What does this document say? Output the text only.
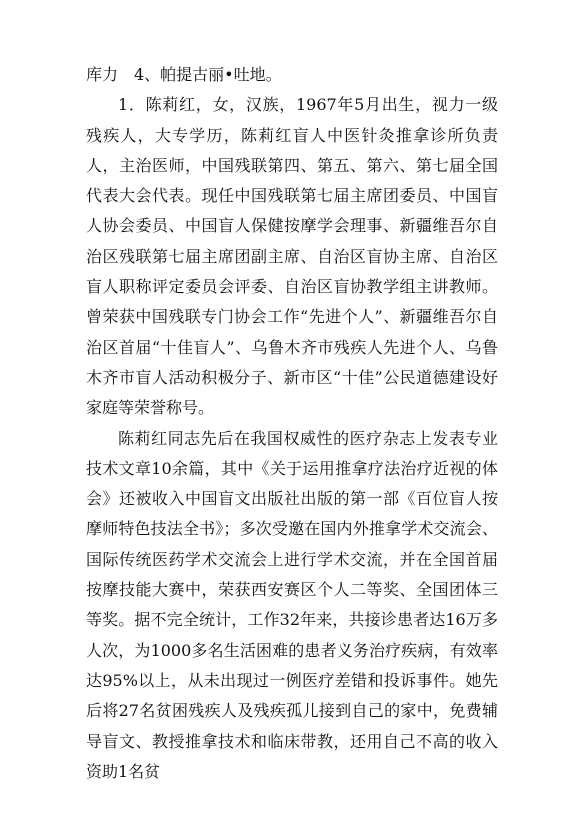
库力　4、帕提古丽•吐地。

1．陈莉红，女，汉族，1967年5月出生，视力一级残疾人，大专学历，陈莉红盲人中医针灸推拿诊所负责人，主治医师，中国残联第四、第五、第六、第七届全国代表大会代表。现任中国残联第七届主席团委员、中国盲人协会委员、中国盲人保健按摩学会理事、新疆维吾尔自治区残联第七届主席团副主席、自治区盲协主席、自治区盲人职称评定委员会评委、自治区盲协教学组主讲教师。曾荣获中国残联专门协会工作“先进个人”、新疆维吾尔自治区首届“十佳盲人”、乌鲁木齐市残疾人先进个人、乌鲁木齐市盲人活动积极分子、新市区“十佳”公民道德建设好家庭等荣誉称号。

陈莉红同志先后在我国权威性的医疗杂志上发表专业技术文章10余篇，其中《关于运用推拿疗法治疗近视的体会》还被收入中国盲文出版社出版的第一部《百位盲人按摩师特色技法全书》；多次受邀在国内外推拿学术交流会、国际传统医药学术交流会上进行学术交流，并在全国首届按摩技能大赛中，荣获西安赛区个人二等奖、全国团体三等奖。据不完全统计，工作32年来，共接诊患者达16万多人次，为1000多名生活困难的患者义务治疗疾病，有效率达95%以上，从未出现过一例医疗差错和投诉事件。她先后将27名贫困残疾人及残疾孤儿接到自己的家中，免费辅导盲文、教授推拿技术和临床带教，还用自己不高的收入资助1名贫
